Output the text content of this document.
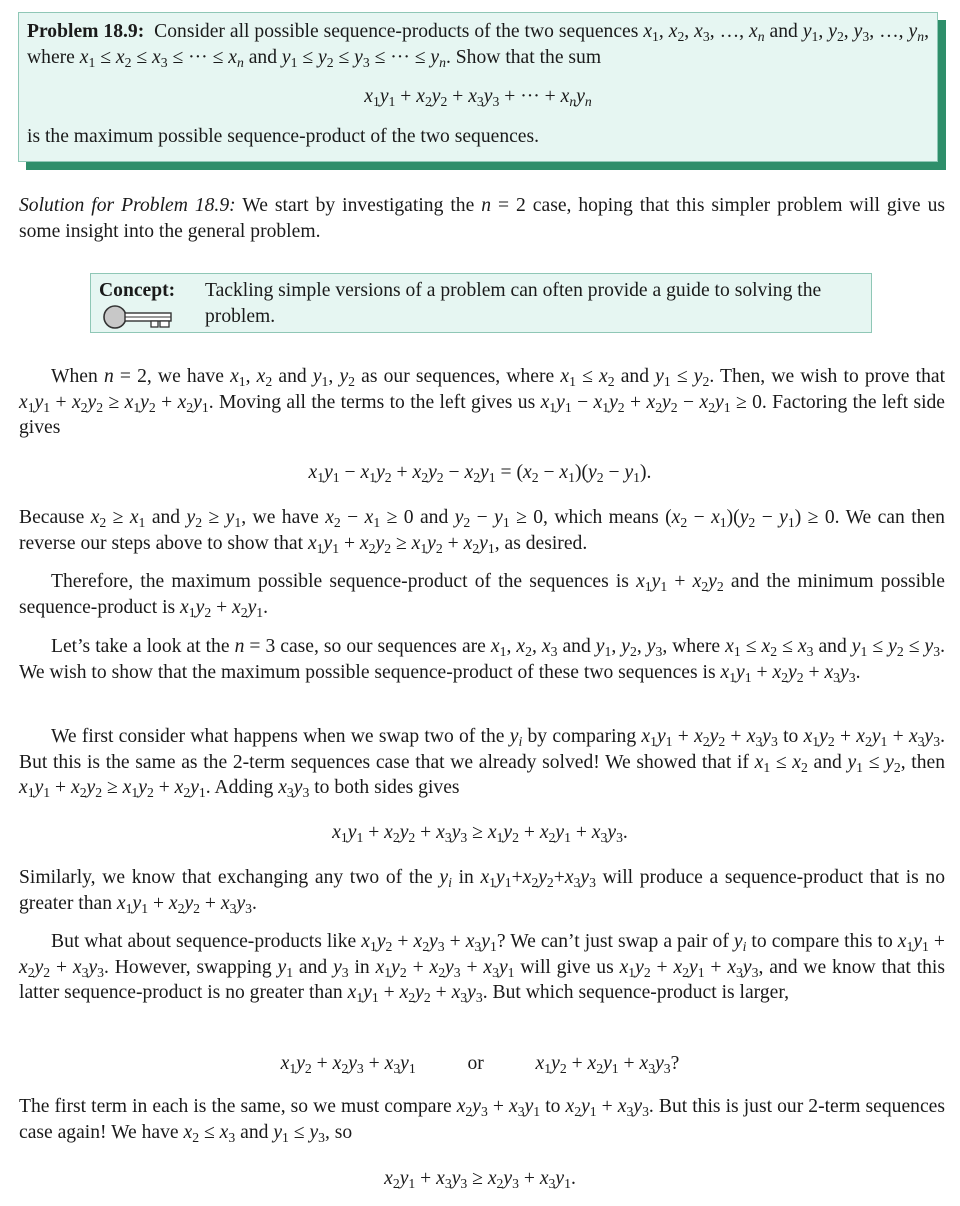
Problem 18.9: Consider all possible sequence-products of the two sequences $x_1$, $x_2$, $x_3$, …, $x_n$ and $y_1$, $y_2$, $y_3$, …, $y_n$, where $x_1 \le x_2 \le x_3$ ≤ ··· ≤ $x_n$ and $y_1 \le y_2 \le y_3$ ≤ ··· ≤ $y_n$. Show that the sum
$x_1y_1 + x_2y_2 + x_3y_3$ + ··· + $x_ny_n$
is the maximum possible sequence-product of the two sequences.

Solution for Problem 18.9: We start by investigating the n = 2 case, hoping that this simpler problem will give us some insight into the general problem.

Concept: Tackling simple versions of a problem can often provide a guide to solving the problem.

When n = 2, we have $x_1$, $x_2$ and $y_1$, $y_2$ as our sequences, where $x_1 \le x_2$ and $y_1 \le y_2$. Then, we wish to prove that $x_1y_1 + x_2y_2 \ge x_1y_2 + x_2y_1$. Moving all the terms to the left gives us $x_1y_1 - x_1y_2 + x_2y_2 - x_2y_1 \ge 0$. Factoring the left side gives

$x_1y_1 - x_1y_2 + x_2y_2 - x_2y_1 = (x_2 - x_1)(y_2 - y_1)$.

Because $x_2 \ge x_1$ and $y_2 \ge y_1$, we have $x_2 - x_1 \ge 0$ and $y_2 - y_1 \ge 0$, which means $(x_2 - x_1)(y_2 - y_1) \ge 0$. We can then reverse our steps above to show that $x_1y_1 + x_2y_2 \ge x_1y_2 + x_2y_1$, as desired.

Therefore, the maximum possible sequence-product of the sequences is $x_1y_1 + x_2y_2$ and the minimum possible sequence-product is $x_1y_2 + x_2y_1$.

Let’s take a look at the n = 3 case, so our sequences are $x_1$, $x_2$, $x_3$ and $y_1$, $y_2$, $y_3$, where $x_1 \le x_2 \le x_3$ and $y_1 \le y_2 \le y_3$. We wish to show that the maximum possible sequence-product of these two sequences is $x_1y_1 + x_2y_2 + x_3y_3$.

We first consider what happens when we swap two of the $y_i$ by comparing $x_1y_1 + x_2y_2 + x_3y_3$ to $x_1y_2 + x_2y_1 + x_3y_3$. But this is the same as the 2-term sequences case that we already solved! We showed that if $x_1 \le x_2$ and $y_1 \le y_2$, then $x_1y_1 + x_2y_2 \ge x_1y_2 + x_2y_1$. Adding $x_3y_3$ to both sides gives

$x_1y_1 + x_2y_2 + x_3y_3 \ge x_1y_2 + x_2y_1 + x_3y_3$.

Similarly, we know that exchanging any two of the $y_i$ in $x_1y_1+x_2y_2+x_3y_3$ will produce a sequence-product that is no greater than $x_1y_1 + x_2y_2 + x_3y_3$.

But what about sequence-products like $x_1y_2 + x_2y_3 + x_3y_1$? We can’t just swap a pair of $y_i$ to compare this to $x_1y_1 + x_2y_2 + x_3y_3$. However, swapping $y_1$ and $y_3$ in $x_1y_2 + x_2y_3 + x_3y_1$ will give us $x_1y_2 + x_2y_1 + x_3y_3$, and we know that this latter sequence-product is no greater than $x_1y_1 + x_2y_2 + x_3y_3$. But which sequence-product is larger,

$x_1y_2 + x_2y_3 + x_3y_1$	or	$x_1y_2 + x_2y_1 + x_3y_3$?

The first term in each is the same, so we must compare $x_2y_3 + x_3y_1$ to $x_2y_1 + x_3y_3$. But this is just our 2-term sequences case again! We have $x_2 \le x_3$ and $y_1 \le y_3$, so

$x_2y_1 + x_3y_3 \ge x_2y_3 + x_3y_1$.
